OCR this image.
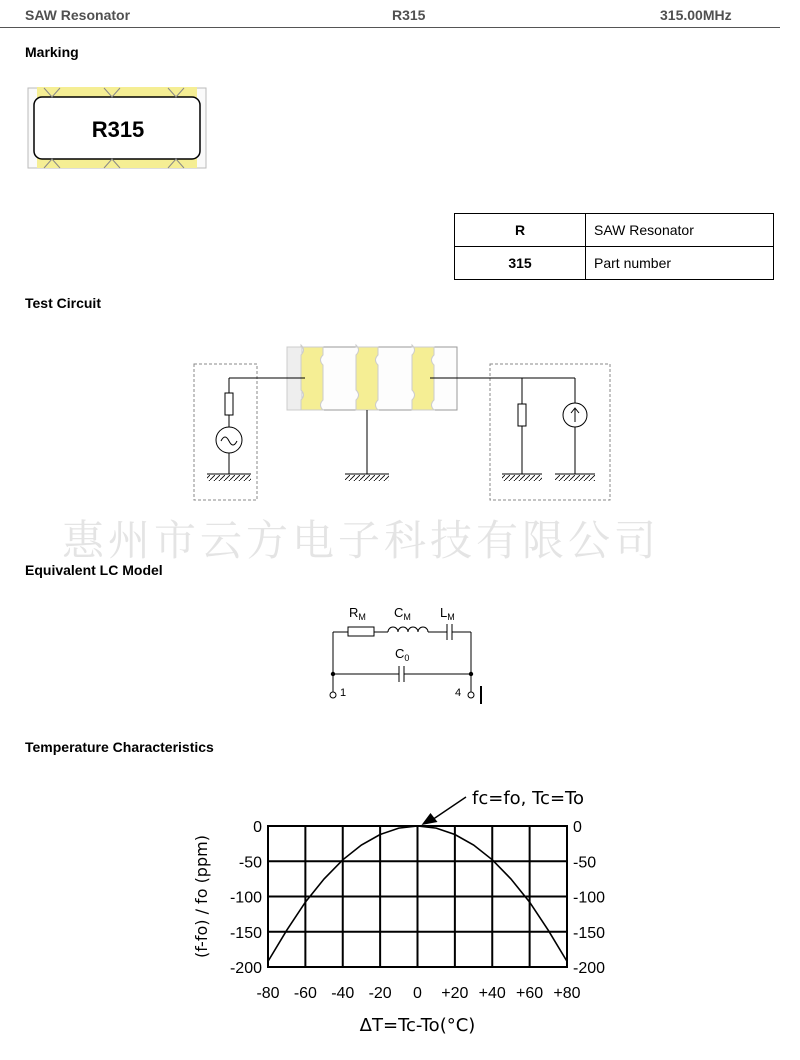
SAW Resonator	R315	315.00MHz
Marking
Test Circuit
Equivalent LC Model
Temperature Characteristics
惠州市云方电子科技有限公司
R	SAW Resonator
315	Part number
R315
$R_M$ $C_M$ $L_M$
$C_0$
1	4
-80 -60 -40 -20 0 +20 +40 +60 +80
0	0
-50	-50
-100	-100
-150	-150
-200	-200
ΔT=Tc-To(°C)
(f-fo) / fo (ppm)
fc=fo, Tc=To
